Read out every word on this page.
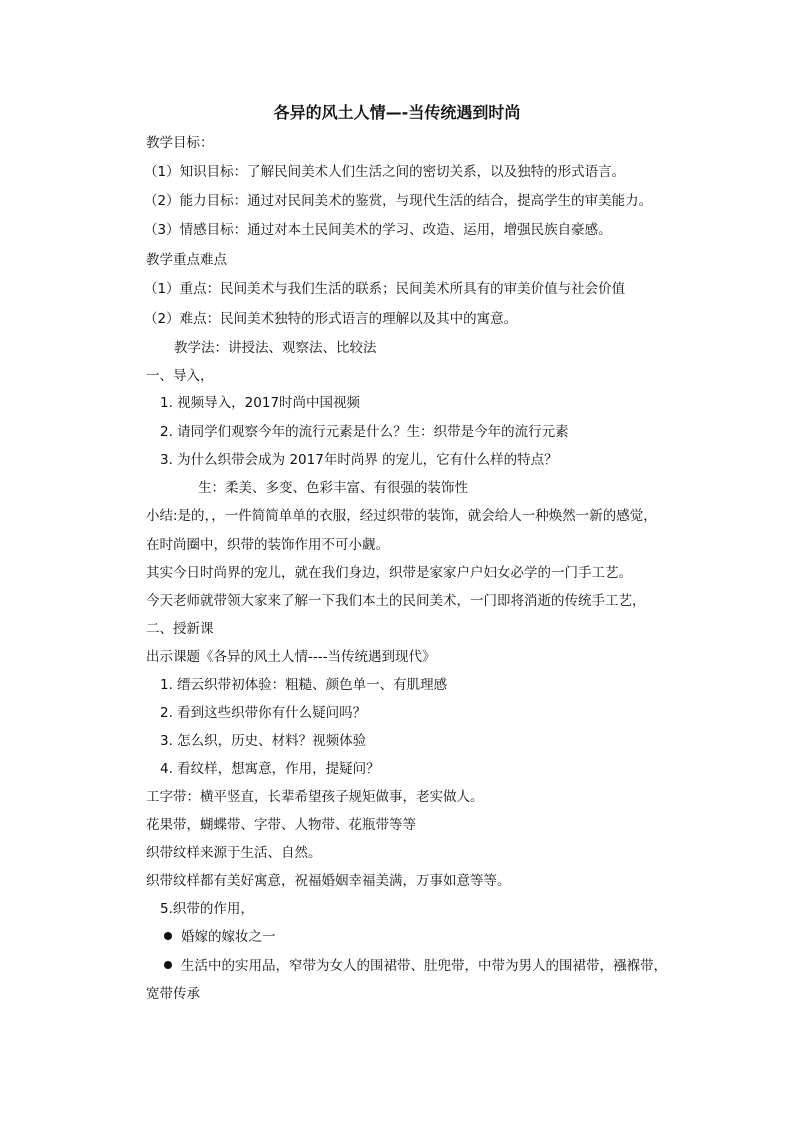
各异的风土人情—-当传统遇到时尚
教学目标：
（1）知识目标：了解民间美术人们生活之间的密切关系，以及独特的形式语言。
（2）能力目标：通过对民间美术的鉴赏，与现代生活的结合，提高学生的审美能力。
（3）情感目标：通过对本土民间美术的学习、改造、运用，增强民族自豪感。
教学重点难点
（1）重点：民间美术与我们生活的联系；民间美术所具有的审美价值与社会价值
（2）难点：民间美术独特的形式语言的理解以及其中的寓意。
教学法：讲授法、观察法、比较法
一、导入，
1. 视频导入，2017时尚中国视频
2. 请同学们观察今年的流行元素是什么？生：织带是今年的流行元素
3. 为什么织带会成为 2017年时尚界 的宠儿，它有什么样的特点？
生：柔美、多变、色彩丰富、有很强的装饰性
小结:是的，，一件简简单单的衣服，经过织带的装饰，就会给人一种焕然一新的感觉，
在时尚圈中，织带的装饰作用不可小觑。
其实今日时尚界的宠儿，就在我们身边，织带是家家户户妇女必学的一门手工艺。
今天老师就带领大家来了解一下我们本土的民间美术，一门即将消逝的传统手工艺，
二、授新课
出示课题《各异的风土人情----当传统遇到现代》
1. 缙云织带初体验：粗糙、颜色单一、有肌理感
2. 看到这些织带你有什么疑问吗？
3. 怎么织，历史、材料？视频体验
4. 看纹样，想寓意，作用，提疑问？
工字带：横平竖直，长辈希望孩子规矩做事，老实做人。
花果带，蝴蝶带、字带、人物带、花瓶带等等
织带纹样来源于生活、自然。
织带纹样都有美好寓意，祝福婚姻幸福美满，万事如意等等。
5.织带的作用，
婚嫁的嫁妆之一
生活中的实用品，窄带为女人的围裙带、肚兜带，中带为男人的围裙带，襁褓带，
宽带传承
